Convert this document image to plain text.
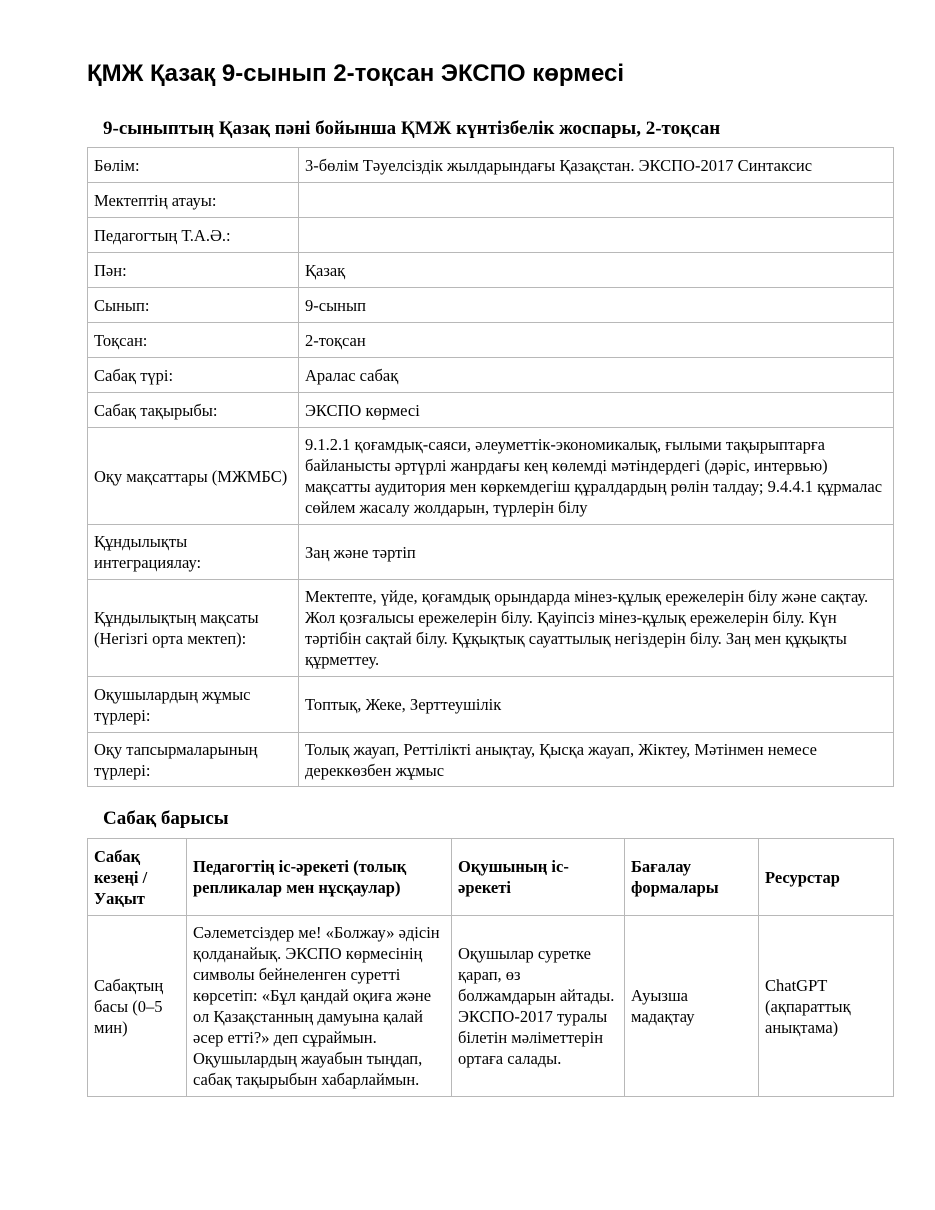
ҚМЖ Қазақ 9-сынып 2-тоқсан ЭКСПО көрмесі
9-сыныптың Қазақ пәні бойынша ҚМЖ күнтізбелік жоспары, 2-тоқсан
Бөлім:	3-бөлім Тәуелсіздік жылдарындағы Қазақстан. ЭКСПО-2017 Синтаксис
Мектептің атауы:	
Педагогтың Т.А.Ә.:	
Пән:	Қазақ
Сынып:	9-сынып
Тоқсан:	2-тоқсан
Сабақ түрі:	Аралас сабақ
Сабақ тақырыбы:	ЭКСПО көрмесі
Оқу мақсаттары (МЖМБС)	9.1.2.1 қоғамдық-саяси, әлеуметтік-экономикалық, ғылыми тақырыптарға байланысты әртүрлі жанрдағы кең көлемді мәтіндердегі (дәріс, интервью) мақсатты аудитория мен көркемдегіш құралдардың рөлін талдау; 9.4.4.1 құрмалас сөйлем жасалу жолдарын, түрлерін білу
Құндылықты интеграциялау:	Заң және тәртіп
Құндылықтың мақсаты (Негізгі орта мектеп):	Мектепте, үйде, қоғамдық орындарда мінез-құлық ережелерін білу және сақтау. Жол қозғалысы ережелерін білу. Қауіпсіз мінез-құлық ережелерін білу. Күн тәртібін сақтай білу. Құқықтық сауаттылық негіздерін білу. Заң мен құқықты құрметтеу.
Оқушылардың жұмыс түрлері:	Топтық, Жеке, Зерттеушілік
Оқу тапсырмаларының түрлері:	Толық жауап, Реттілікті анықтау, Қысқа жауап, Жіктеу, Мәтінмен немесе дереккөзбен жұмыс
Сабақ барысы
Сабақ кезеңі / Уақыт	Педагогтің іс-әрекеті (толық репликалар мен нұсқаулар)	Оқушының іс-әрекеті	Бағалау формалары	Ресурстар
Сабақтың басы (0–5 мин)	Сәлеметсіздер ме! «Болжау» әдісін қолданайық. ЭКСПО көрмесінің символы бейнеленген суретті көрсетіп: «Бұл қандай оқиға және ол Қазақстанның дамуына қалай әсер етті?» деп сұраймын. Оқушылардың жауабын тыңдап, сабақ тақырыбын хабарлаймын.	Оқушылар суретке қарап, өз болжамдарын айтады. ЭКСПО-2017 туралы білетін мәліметтерін ортаға салады.	Ауызша мадақтау	ChatGPT (ақпараттық анықтама)
